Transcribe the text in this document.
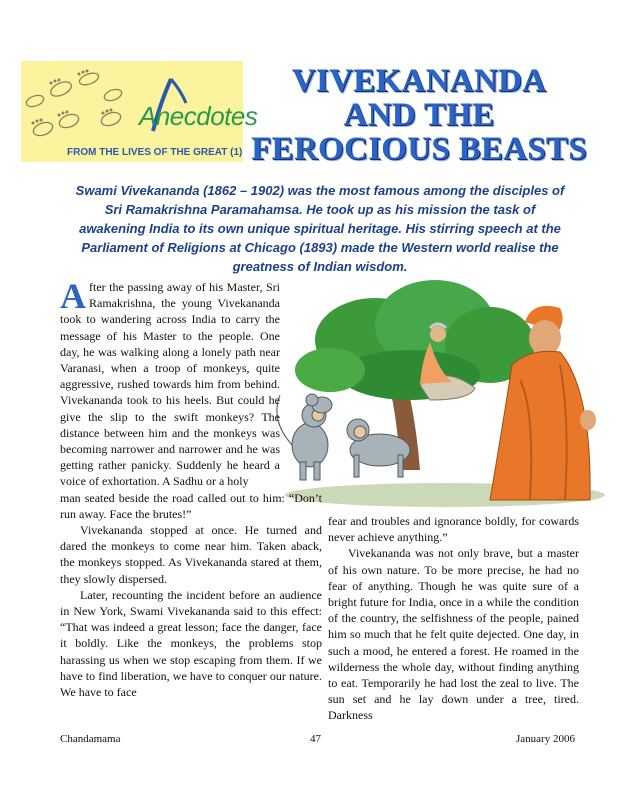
Anecdotes
FROM THE LIVES OF THE GREAT (1)
VIVEKANANDA
AND THE
FEROCIOUS BEASTS
Swami Vivekananda (1862 – 1902) was the most famous among the disciples of Sri Ramakrishna Paramahamsa. He took up as his mission the task of awakening India to its own unique spiritual heritage. His stirring speech at the Parliament of Religions at Chicago (1893) made the Western world realise the greatness of Indian wisdom.

A fter the passing away of his Master, Sri Ramakrishna, the young Vivekananda took to wandering across India to carry the message of his Master to the people. One day, he was walking along a lonely path near Varanasi, when a troop of monkeys, quite aggressive, rushed towards him from behind. Vivekananda took to his heels. But could he give the slip to the swift monkeys? The distance between him and the monkeys was becoming narrower and narrower and he was getting rather panicky. Suddenly he heard a voice of exhortation. A Sadhu or a holy

man seated beside the road called out to him: “Don’t run away. Face the brutes!”

Vivekananda stopped at once. He turned and dared the monkeys to come near him. Taken aback, the monkeys stopped. As Vivekananda stared at them, they slowly dispersed.

Later, recounting the incident before an audience in New York, Swami Vivekananda said to this effect: “That was indeed a great lesson; face the danger, face it boldly. Like the monkeys, the problems stop harassing us when we stop escaping from them. If we have to find liberation, we have to conquer our nature. We have to face

fear and troubles and ignorance boldly, for cowards never achieve anything.”

Vivekananda was not only brave, but a master of his own nature. To be more precise, he had no fear of anything. Though he was quite sure of a bright future for India, once in a while the condition of the country, the selfishness of the people, pained him so much that he felt quite dejected. One day, in such a mood, he entered a forest. He roamed in the wilderness the whole day, without finding anything to eat. Temporarily he had lost the zeal to live. The sun set and he lay down under a tree, tired. Darkness

Chandamama	47	January 2006
